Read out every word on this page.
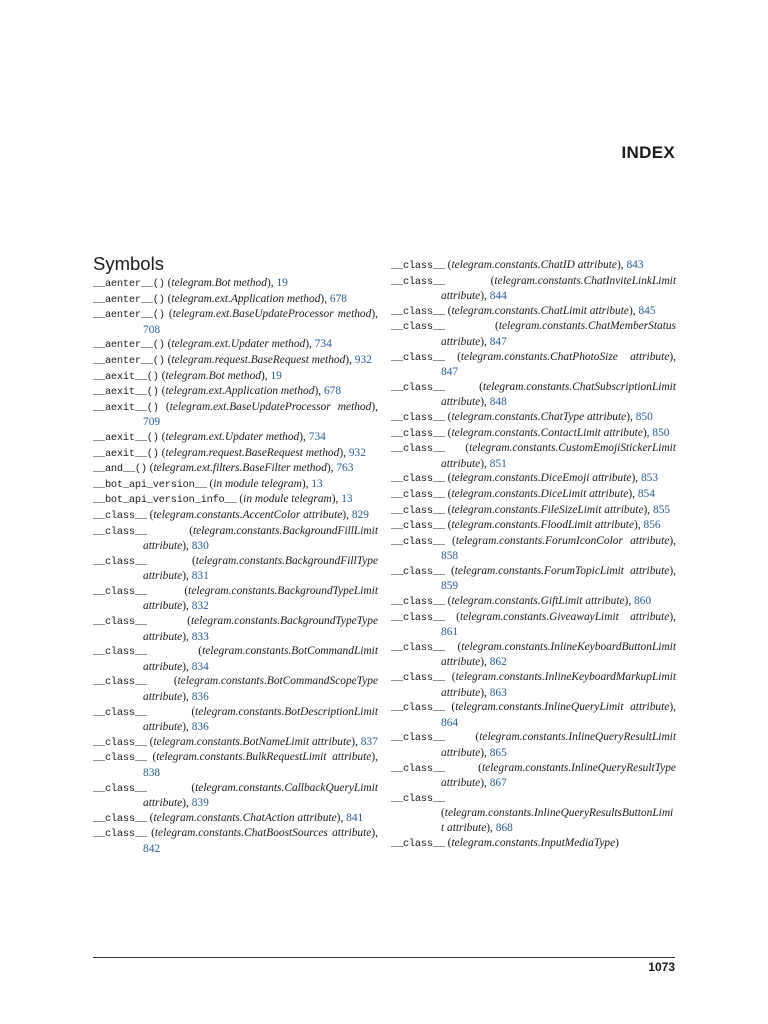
INDEX
Symbols
__aenter__() (telegram.Bot method), 19
__aenter__() (telegram.ext.Application method), 678
__aenter__() (telegram.ext.BaseUpdateProcessor method), 708
__aenter__() (telegram.ext.Updater method), 734
__aenter__() (telegram.request.BaseRequest method), 932
__aexit__() (telegram.Bot method), 19
__aexit__() (telegram.ext.Application method), 678
__aexit__() (telegram.ext.BaseUpdateProcessor method), 709
__aexit__() (telegram.ext.Updater method), 734
__aexit__() (telegram.request.BaseRequest method), 932
__and__() (telegram.ext.filters.BaseFilter method), 763
__bot_api_version__ (in module telegram), 13
__bot_api_version_info__ (in module telegram), 13
__class__ (telegram.constants.AccentColor attribute), 829
__class__ (telegram.constants.BackgroundFillLimit attribute), 830
__class__ (telegram.constants.BackgroundFillType attribute), 831
__class__ (telegram.constants.BackgroundTypeLimit attribute), 832
__class__ (telegram.constants.BackgroundTypeType attribute), 833
__class__ (telegram.constants.BotCommandLimit attribute), 834
__class__ (telegram.constants.BotCommandScopeType attribute), 836
__class__ (telegram.constants.BotDescriptionLimit attribute), 836
__class__ (telegram.constants.BotNameLimit attribute), 837
__class__ (telegram.constants.BulkRequestLimit attribute), 838
__class__ (telegram.constants.CallbackQueryLimit attribute), 839
__class__ (telegram.constants.ChatAction attribute), 841
__class__ (telegram.constants.ChatBoostSources attribute), 842
__class__ (telegram.constants.ChatID attribute), 843
__class__ (telegram.constants.ChatInviteLinkLimit attribute), 844
__class__ (telegram.constants.ChatLimit attribute), 845
__class__ (telegram.constants.ChatMemberStatus attribute), 847
__class__ (telegram.constants.ChatPhotoSize attribute), 847
__class__ (telegram.constants.ChatSubscriptionLimit attribute), 848
__class__ (telegram.constants.ChatType attribute), 850
__class__ (telegram.constants.ContactLimit attribute), 850
__class__ (telegram.constants.CustomEmojiStickerLimit attribute), 851
__class__ (telegram.constants.DiceEmoji attribute), 853
__class__ (telegram.constants.DiceLimit attribute), 854
__class__ (telegram.constants.FileSizeLimit attribute), 855
__class__ (telegram.constants.FloodLimit attribute), 856
__class__ (telegram.constants.ForumIconColor attribute), 858
__class__ (telegram.constants.ForumTopicLimit attribute), 859
__class__ (telegram.constants.GiftLimit attribute), 860
__class__ (telegram.constants.GiveawayLimit attribute), 861
__class__ (telegram.constants.InlineKeyboardButtonLimit attribute), 862
__class__ (telegram.constants.InlineKeyboardMarkupLimit attribute), 863
__class__ (telegram.constants.InlineQueryLimit attribute), 864
__class__ (telegram.constants.InlineQueryResultLimit attribute), 865
__class__ (telegram.constants.InlineQueryResultType attribute), 867
__class__ (telegram.constants.InlineQueryResultsButtonLimit attribute), 868
__class__ (telegram.constants.InputMediaType)
1073
